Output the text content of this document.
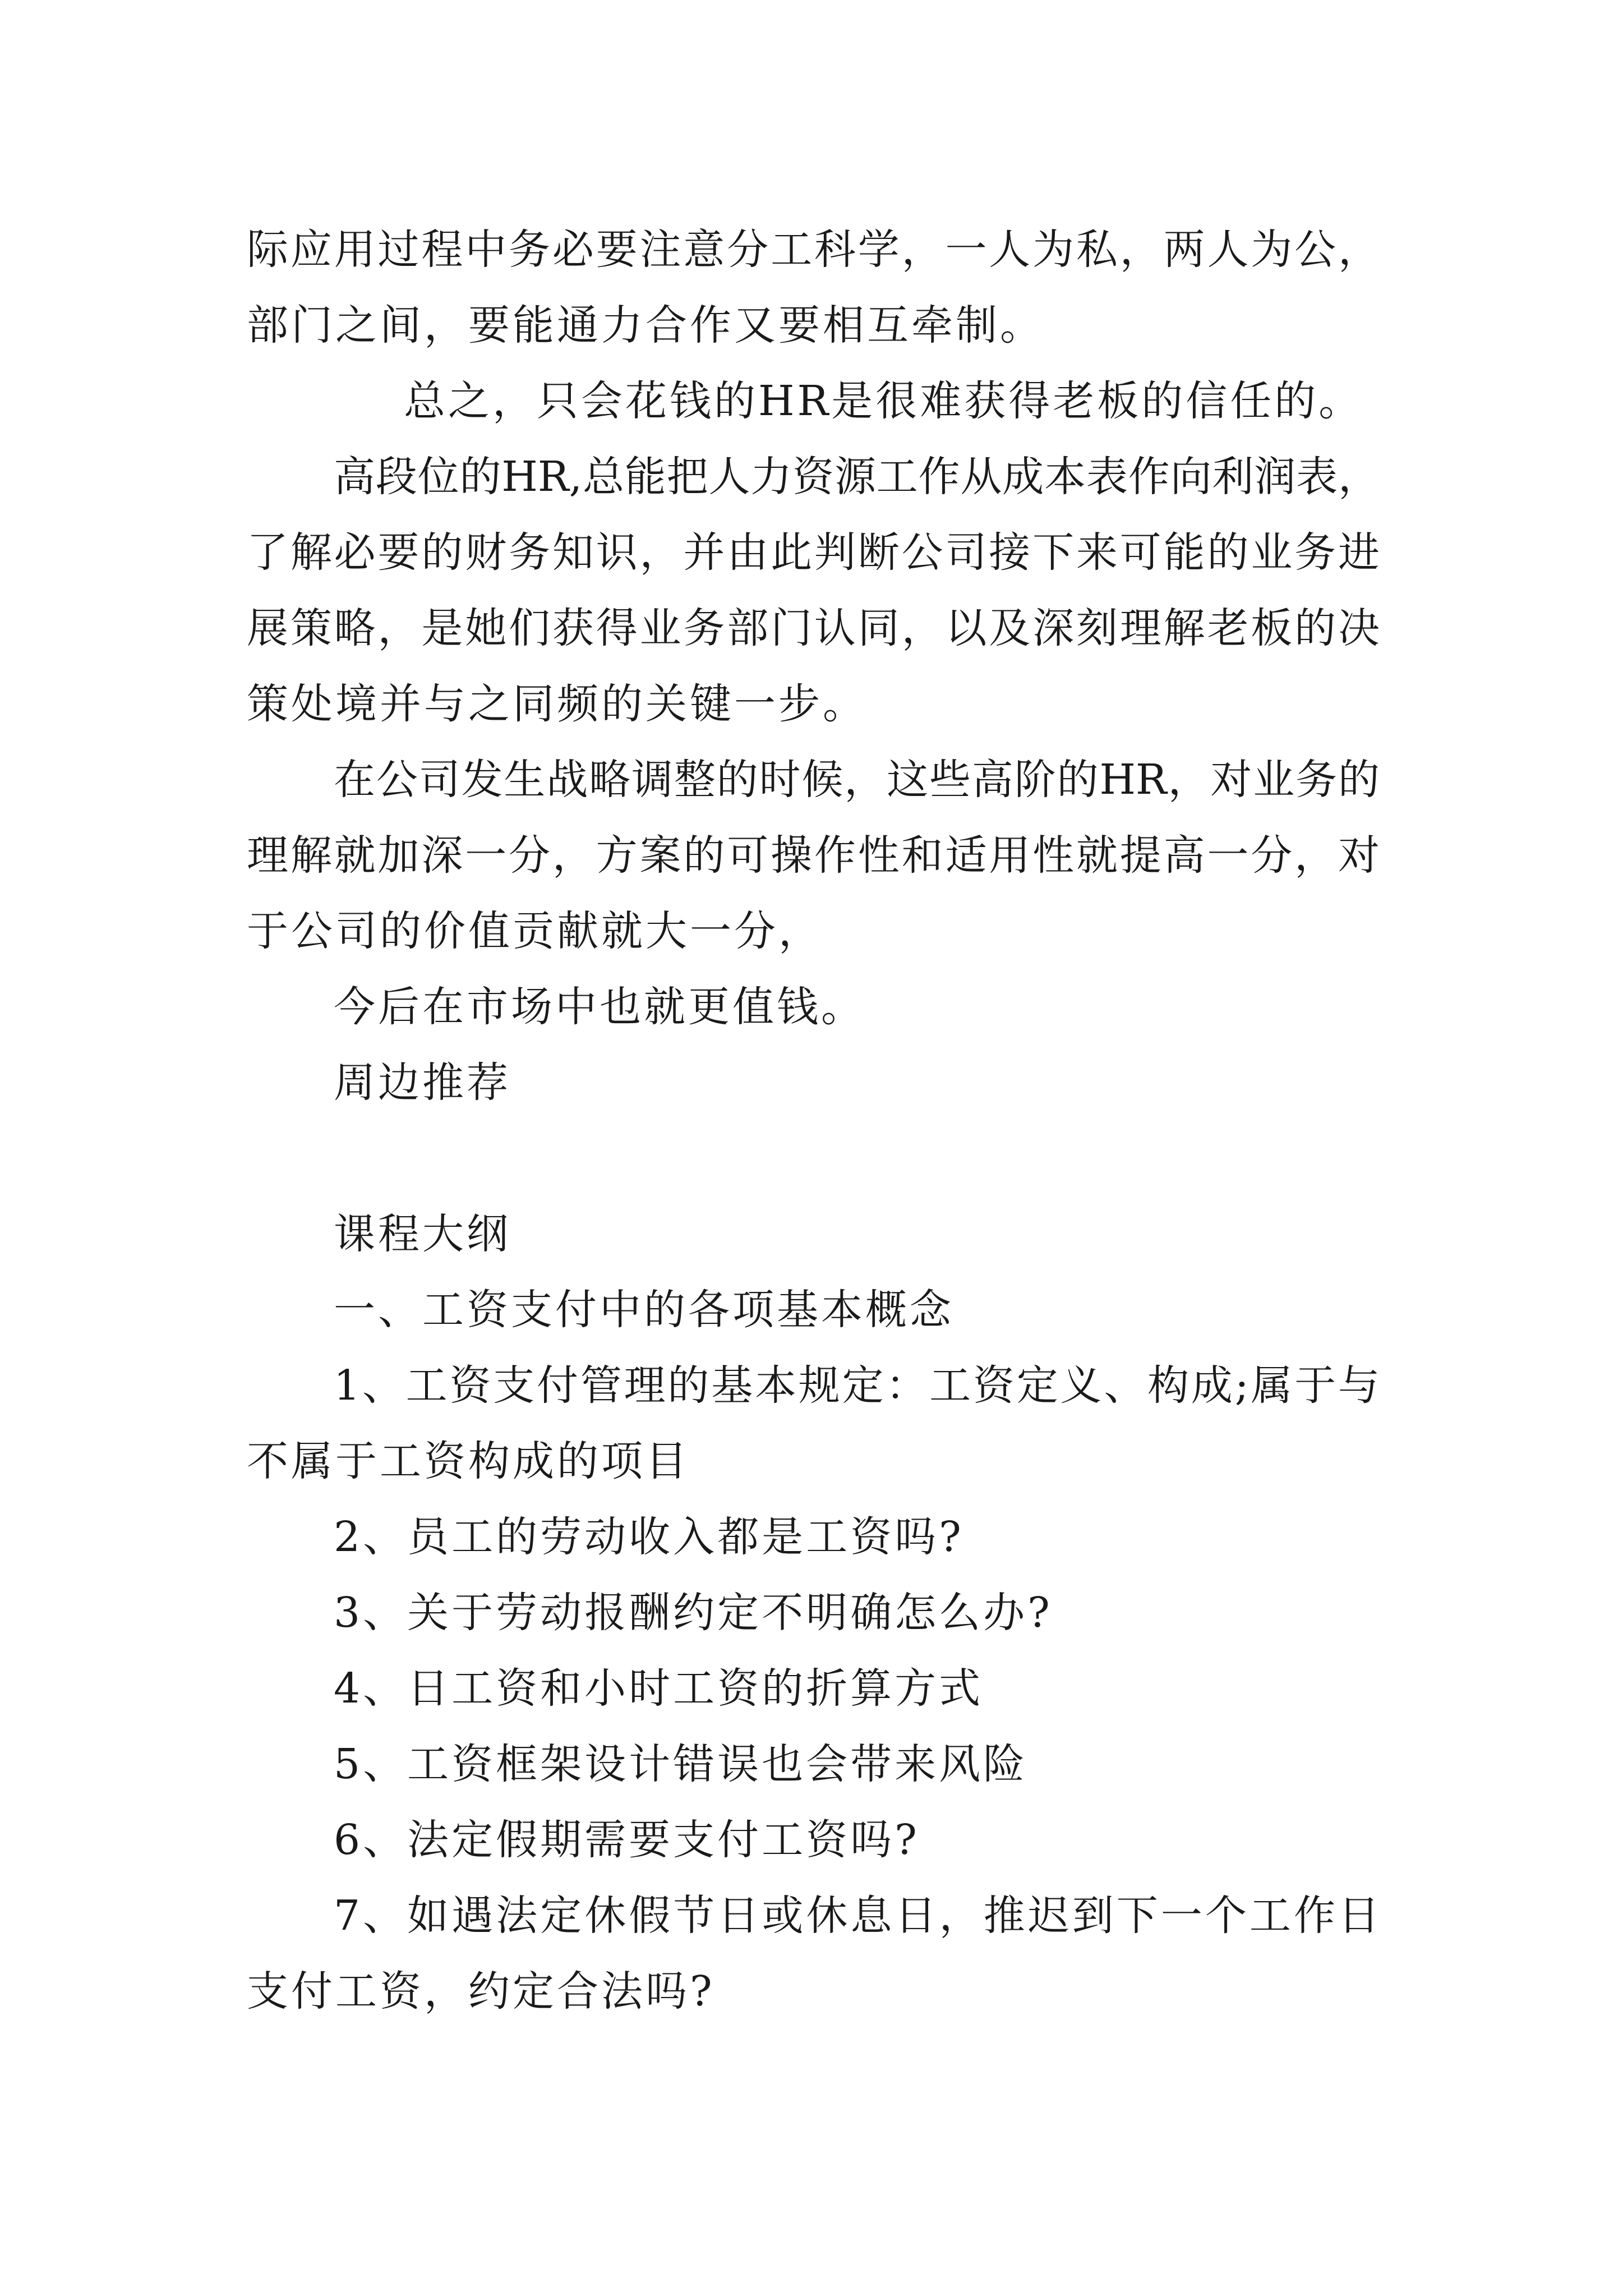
际应用过程中务必要注意分工科学，一人为私，两人为公，
部门之间，要能通力合作又要相互牵制。
总之，只会花钱的HR是很难获得老板的信任的。
高段位的HR,总能把人力资源工作从成本表作向利润表，
了解必要的财务知识，并由此判断公司接下来可能的业务进
展策略，是她们获得业务部门认同，以及深刻理解老板的决
策处境并与之同频的关键一步。
在公司发生战略调整的时候，这些高阶的HR，对业务的
理解就加深一分，方案的可操作性和适用性就提高一分，对
于公司的价值贡献就大一分，
今后在市场中也就更值钱。
周边推荐
课程大纲
一、工资支付中的各项基本概念
1、工资支付管理的基本规定：工资定义、构成;属于与
不属于工资构成的项目
2、员工的劳动收入都是工资吗?
3、关于劳动报酬约定不明确怎么办?
4、日工资和小时工资的折算方式
5、工资框架设计错误也会带来风险
6、法定假期需要支付工资吗?
7、如遇法定休假节日或休息日，推迟到下一个工作日
支付工资，约定合法吗?
